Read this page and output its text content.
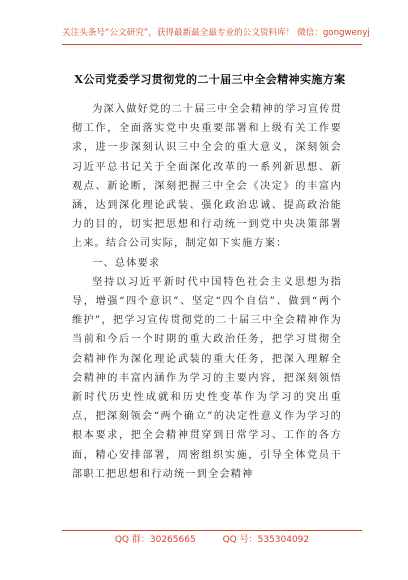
关注头条号“公文研究”，获得最新最全最专业的公文资料库！ 微信：gongwenyj
X公司党委学习贯彻党的二十届三中全会精神实施方案

为深入做好党的二十届三中全会精神的学习宣传贯彻工作，全面落实党中央重要部署和上级有关工作要求，进一步深刻认识三中全会的重大意义，深刻领会习近平总书记关于全面深化改革的一系列新思想、新观点、新论断，深刻把握三中全会《决定》的丰富内涵，达到深化理论武装、强化政治忠诚、提高政治能力的目的，切实把思想和行动统一到党中央决策部署上来。结合公司实际，制定如下实施方案：

一、总体要求

坚持以习近平新时代中国特色社会主义思想为指导，增强“四个意识”、坚定“四个自信”、做到“两个维护”，把学习宣传贯彻党的二十届三中全会精神作为当前和今后一个时期的重大政治任务，把学习贯彻全会精神作为深化理论武装的重大任务，把深入理解全会精神的丰富内涵作为学习的主要内容，把深刻领悟新时代历史性成就和历史性变革作为学习的突出重点，把深刻领会“两个确立”的决定性意义作为学习的根本要求，把全会精神贯穿到日常学习、工作的各方面，精心安排部署，周密组织实施，引导全体党员干部职工把思想和行动统一到全会精神

QQ 群：30265665	QQ 号：535304092
